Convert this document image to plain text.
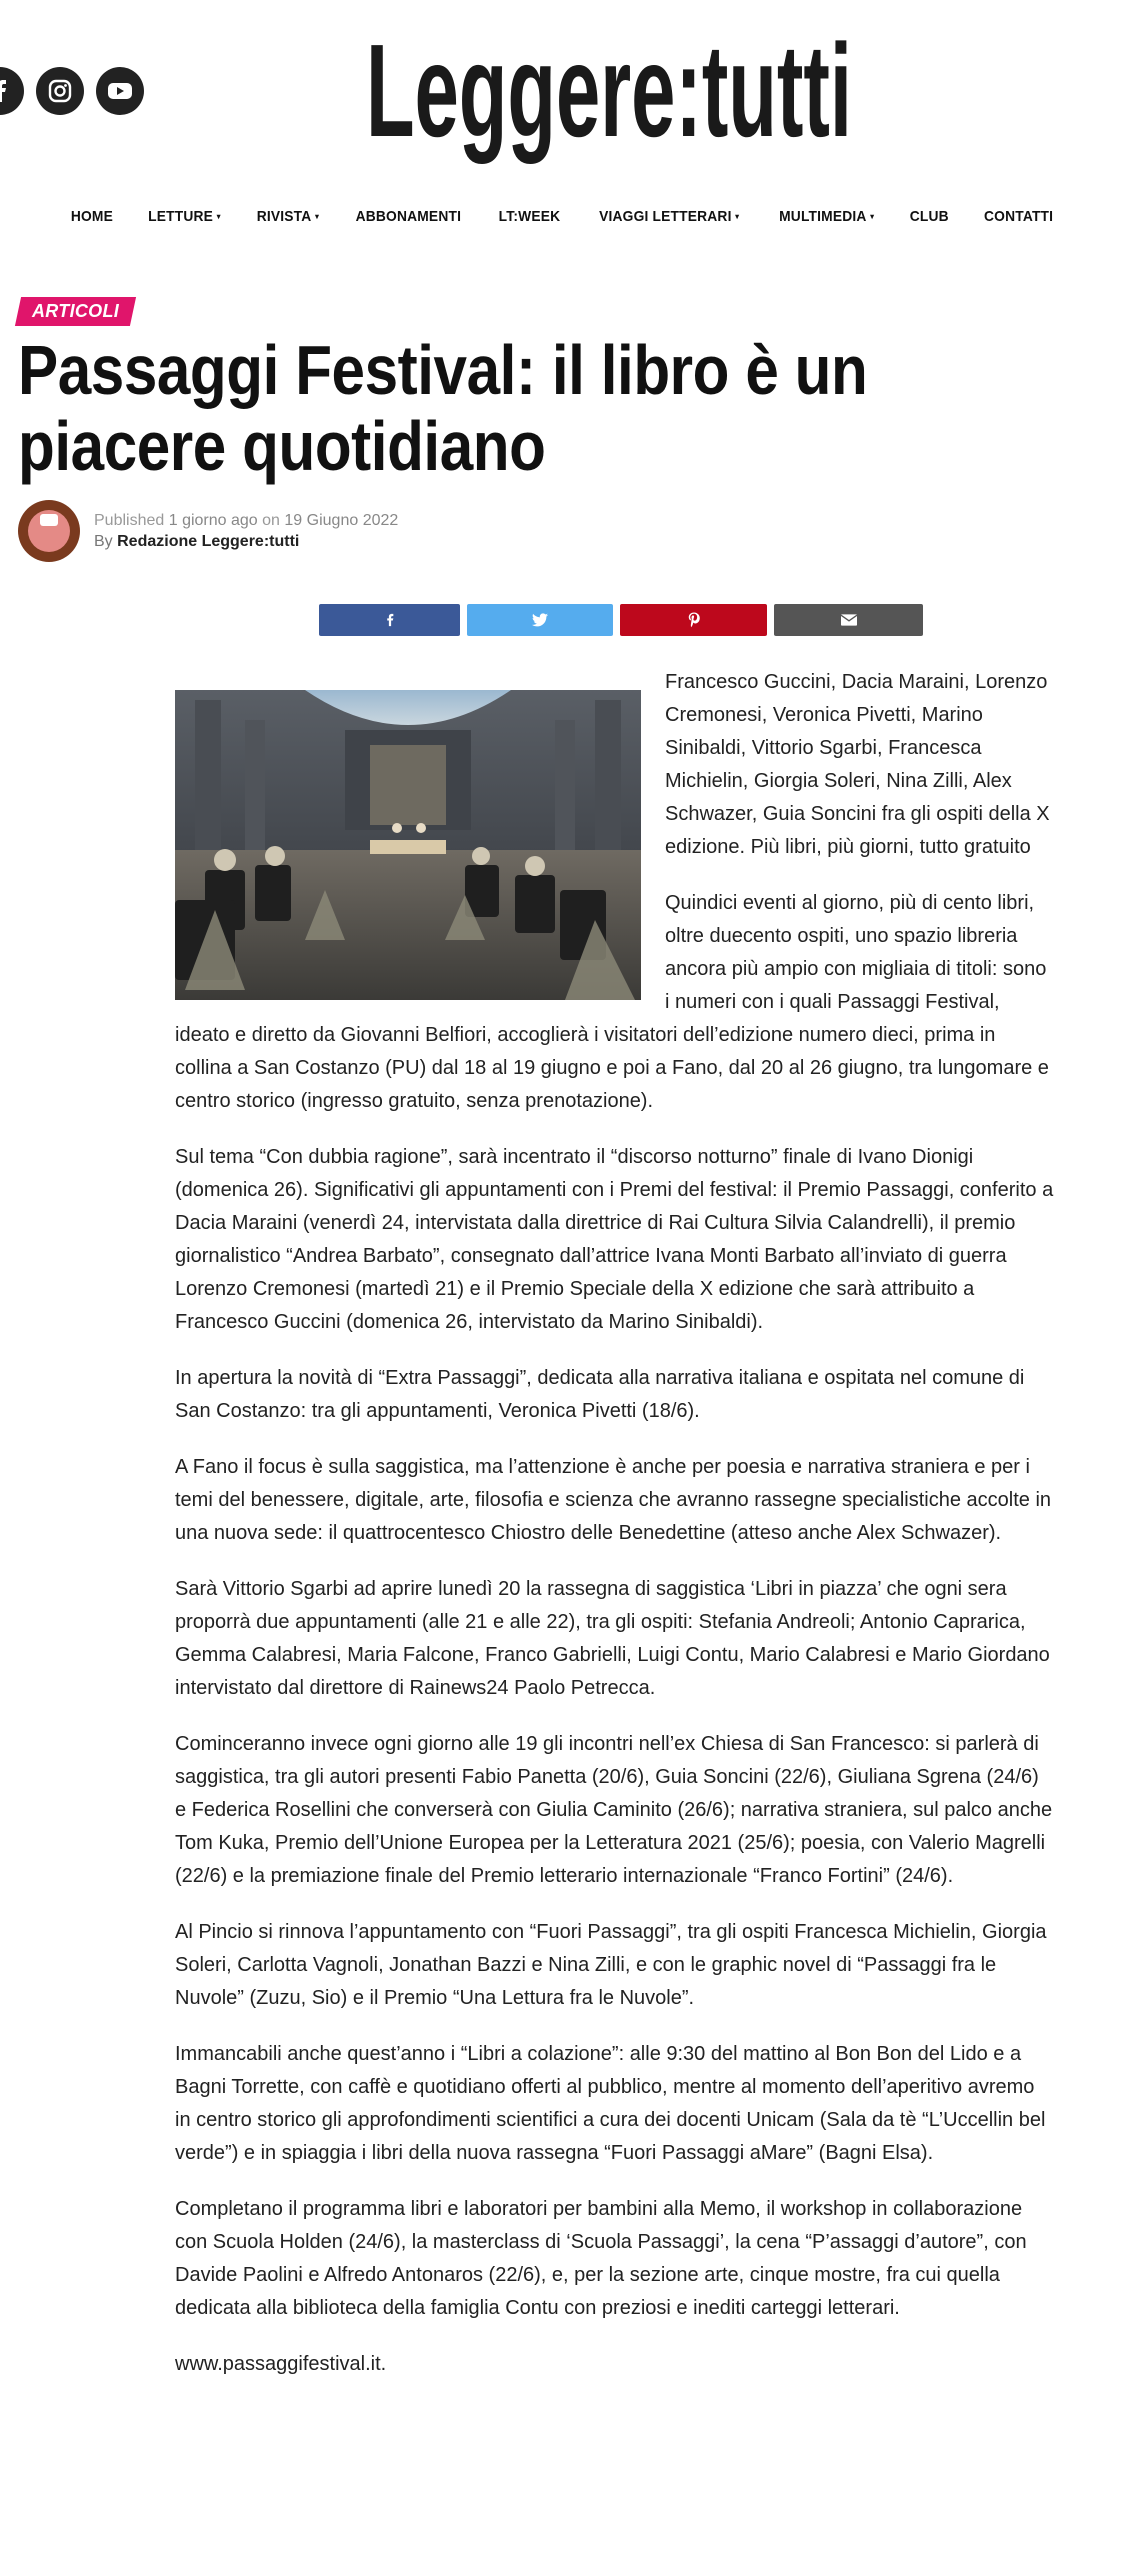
Leggere:tutti
HOME LETTURE ▾ RIVISTA ▾ ABBONAMENTI LT:WEEK	VIAGGI LETTERARI ▾	MULTIMEDIA ▾ CLUB CONTATTI
ARTICOLI
Passaggi Festival: il libro è un piacere quotidiano
Published 1 giorno ago on 19 Giugno 2022
By Redazione Leggere:tutti

Francesco Guccini, Dacia Maraini, Lorenzo Cremonesi, Veronica Pivetti, Marino Sinibaldi, Vittorio Sgarbi, Francesca Michielin, Giorgia Soleri, Nina Zilli, Alex Schwazer, Guia Soncini fra gli ospiti della X edizione. Più libri, più giorni, tutto gratuito

Quindici eventi al giorno, più di cento libri, oltre duecento ospiti, uno spazio libreria ancora più ampio con migliaia di titoli: sono i numeri con i quali Passaggi Festival, ideato e diretto da Giovanni Belfiori, accoglierà i visitatori dell’edizione numero dieci, prima in collina a San Costanzo (PU) dal 18 al 19 giugno e poi a Fano, dal 20 al 26 giugno, tra lungomare e centro storico (ingresso gratuito, senza prenotazione).

Sul tema “Con dubbia ragione”, sarà incentrato il “discorso notturno” finale di Ivano Dionigi (domenica 26). Significativi gli appuntamenti con i Premi del festival: il Premio Passaggi, conferito a Dacia Maraini (venerdì 24, intervistata dalla direttrice di Rai Cultura Silvia Calandrelli), il premio giornalistico “Andrea Barbato”, consegnato dall’attrice Ivana Monti Barbato all’inviato di guerra Lorenzo Cremonesi (martedì 21) e il Premio Speciale della X edizione che sarà attribuito a Francesco Guccini (domenica 26, intervistato da Marino Sinibaldi).

In apertura la novità di “Extra Passaggi”, dedicata alla narrativa italiana e ospitata nel comune di San Costanzo: tra gli appuntamenti, Veronica Pivetti (18/6).

A Fano il focus è sulla saggistica, ma l’attenzione è anche per poesia e narrativa straniera e per i temi del benessere, digitale, arte, filosofia e scienza che avranno rassegne specialistiche accolte in una nuova sede: il quattrocentesco Chiostro delle Benedettine (atteso anche Alex Schwazer).

Sarà Vittorio Sgarbi ad aprire lunedì 20 la rassegna di saggistica ‘Libri in piazza’ che ogni sera proporrà due appuntamenti (alle 21 e alle 22), tra gli ospiti: Stefania Andreoli; Antonio Caprarica, Gemma Calabresi, Maria Falcone, Franco Gabrielli, Luigi Contu, Mario Calabresi e Mario Giordano intervistato dal direttore di Rainews24 Paolo Petrecca.

Cominceranno invece ogni giorno alle 19 gli incontri nell’ex Chiesa di San Francesco: si parlerà di saggistica, tra gli autori presenti Fabio Panetta (20/6), Guia Soncini (22/6), Giuliana Sgrena (24/6) e Federica Rosellini che converserà con Giulia Caminito (26/6); narrativa straniera, sul palco anche Tom Kuka, Premio dell’Unione Europea per la Letteratura 2021 (25/6); poesia, con Valerio Magrelli (22/6) e la premiazione finale del Premio letterario internazionale “Franco Fortini” (24/6).

Al Pincio si rinnova l’appuntamento con “Fuori Passaggi”, tra gli ospiti Francesca Michielin, Giorgia Soleri, Carlotta Vagnoli, Jonathan Bazzi e Nina Zilli, e con le graphic novel di “Passaggi fra le Nuvole” (Zuzu, Sio) e il Premio “Una Lettura fra le Nuvole”.

Immancabili anche quest’anno i “Libri a colazione”: alle 9:30 del mattino al Bon Bon del Lido e a Bagni Torrette, con caffè e quotidiano offerti al pubblico, mentre al momento dell’aperitivo avremo in centro storico gli approfondimenti scientifici a cura dei docenti Unicam (Sala da tè “L’Uccellin bel verde”) e in spiaggia i libri della nuova rassegna “Fuori Passaggi aMare” (Bagni Elsa).

Completano il programma libri e laboratori per bambini alla Memo, il workshop in collaborazione con Scuola Holden (24/6), la masterclass di ‘Scuola Passaggi’, la cena “P’assaggi d’autore”, con Davide Paolini e Alfredo Antonaros (22/6), e, per la sezione arte, cinque mostre, fra cui quella dedicata alla biblioteca della famiglia Contu con preziosi e inediti carteggi letterari.

www.passaggifestival.it.
